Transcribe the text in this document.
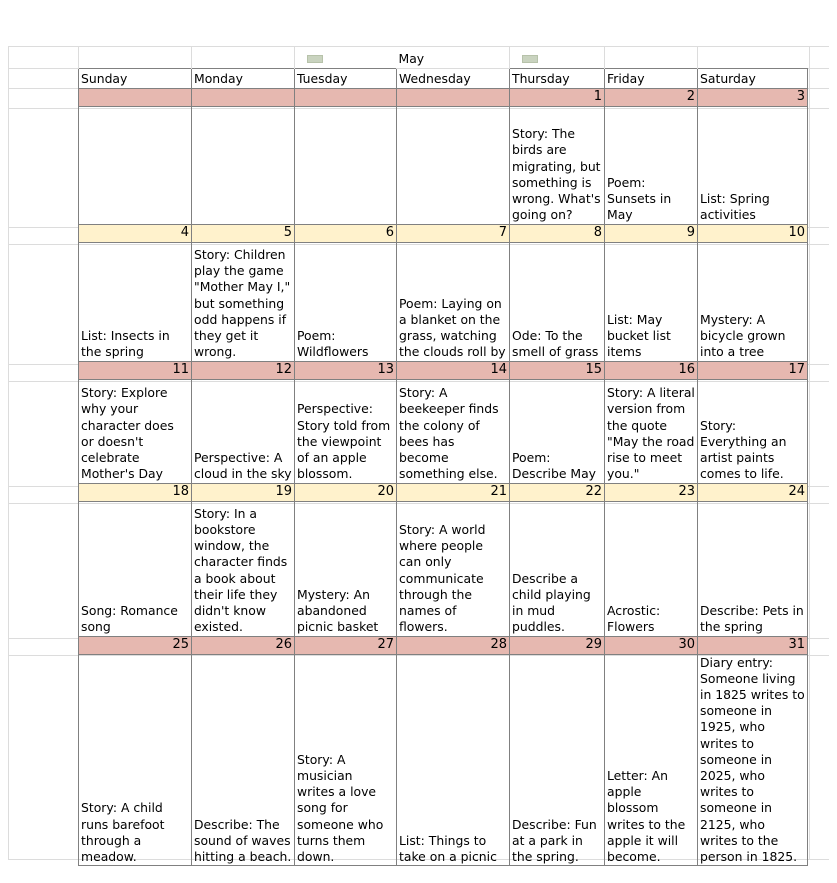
			May			
Sunday	Monday	Tuesday	Wednesday	Thursday	Friday	Saturday
				1	2	3
				Story: The birds are migrating, but something is wrong. What's going on?	Poem: Sunsets in May	List: Spring activities
4	5	6	7	8	9	10
List: Insects in the spring	Story: Children play the game "Mother May I," but something odd happens if they get it wrong.	Poem: Wildflowers	Poem: Laying on a blanket on the grass, watching the clouds roll by	Ode: To the smell of grass	List: May bucket list items	Mystery: A bicycle grown into a tree
11	12	13	14	15	16	17
Story: Explore why your character does or doesn't celebrate Mother's Day	Perspective: A cloud in the sky	Perspective: Story told from the viewpoint of an apple blossom.	Story: A beekeeper finds the colony of bees has become something else.	Poem: Describe May	Story: A literal version from the quote "May the road rise to meet you."	Story: Everything an artist paints comes to life.
18	19	20	21	22	23	24
Song: Romance song	Story: In a bookstore window, the character finds a book about their life they didn't know existed.	Mystery: An abandoned picnic basket	Story: A world where people can only communicate through the names of flowers.	Describe a child playing in mud puddles.	Acrostic: Flowers	Describe: Pets in the spring
25	26	27	28	29	30	31
Story: A child runs barefoot through a meadow.	Describe: The sound of waves hitting a beach.	Story: A musician writes a love song for someone who turns them down.	List: Things to take on a picnic	Describe: Fun at a park in the spring.	Letter: An apple blossom writes to the apple it will become.	Diary entry: Someone living in 1825 writes to someone in 1925, who writes to someone in 2025, who writes to someone in 2125, who writes to the person in 1825.
